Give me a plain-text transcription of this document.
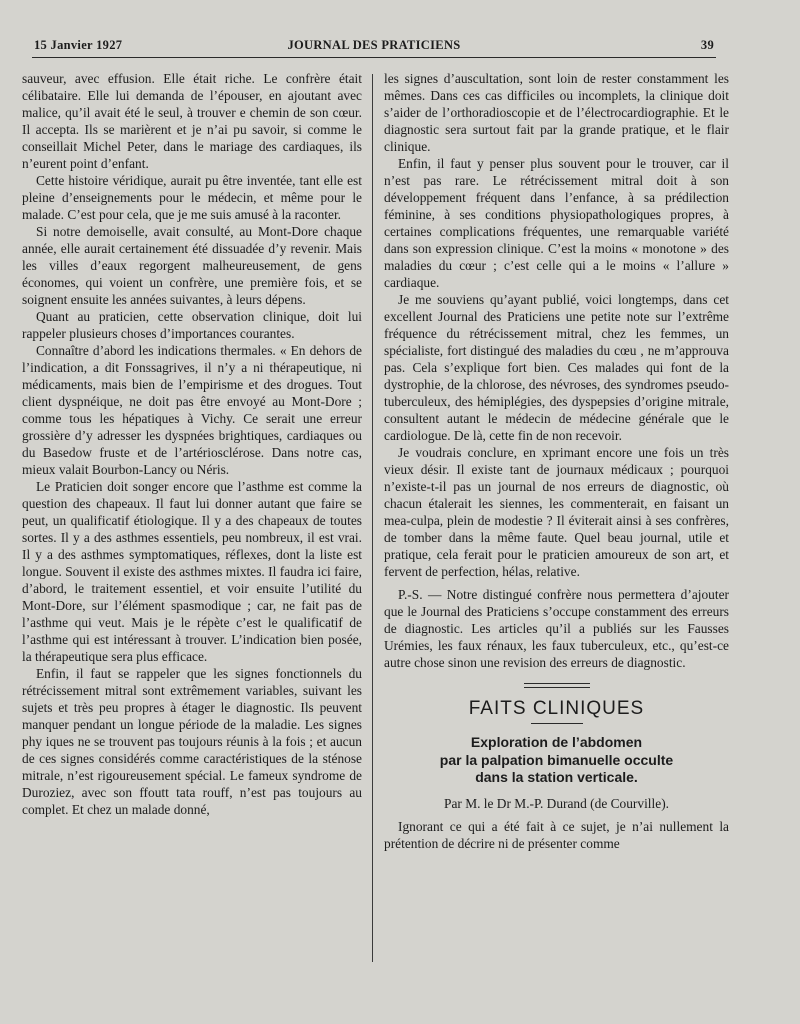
15 Janvier 1927	JOURNAL DES PRATICIENS	39

sauveur, avec effusion. Elle était riche. Le confrère était célibataire. Elle lui demanda de l’épouser, en ajoutant avec malice, qu’il avait été le seul, à trouver e chemin de son cœur. Il accepta. Ils se marièrent et je n’ai pu savoir, si comme le conseillait Michel Peter, dans le mariage des cardiaques, ils n’eurent point d’enfant.

Cette histoire véridique, aurait pu être inventée, tant elle est pleine d’enseignements pour le médecin, et même pour le malade. C’est pour cela, que je me suis amusé à la raconter.

Si notre demoiselle, avait consulté, au Mont-Dore chaque année, elle aurait certainement été dissuadée d’y revenir. Mais les villes d’eaux regorgent malheureusement, de gens économes, qui voient un confrère, une première fois, et se soignent ensuite les années suivantes, à leurs dépens.

Quant au praticien, cette observation clinique, doit lui rappeler plusieurs choses d’importances courantes.

Connaître d’abord les indications thermales. « En dehors de l’indication, a dit Fonssagrives, il n’y a ni thérapeutique, ni médicaments, mais bien de l’empirisme et des drogues. Tout client dyspnéique, ne doit pas être envoyé au Mont-Dore ; comme tous les hépatiques à Vichy. Ce serait une erreur grossière d’y adresser les dyspnées brightiques, cardiaques ou du Basedow fruste et de l’artériosclérose. Dans notre cas, mieux valait Bourbon-Lancy ou Néris.

Le Praticien doit songer encore que l’asthme est comme la question des chapeaux. Il faut lui donner autant que faire se peut, un qualificatif étiologique. Il y a des chapeaux de toutes sortes. Il y a des asthmes essentiels, peu nombreux, il est vrai. Il y a des asthmes symptomatiques, réflexes, dont la liste est longue. Souvent il existe des asthmes mixtes. Il faudra ici faire, d’abord, le traitement essentiel, et voir ensuite l’utilité du Mont-Dore, sur l’élément spasmodique ; car, ne fait pas de l’asthme qui veut. Mais je le répète c’est le qualificatif de l’asthme qui est intéressant à trouver. L’indication bien posée, la thérapeutique sera plus efficace.

Enfin, il faut se rappeler que les signes fonctionnels du rétrécissement mitral sont extrêmement variables, suivant les sujets et très peu propres à étager le diagnostic. Ils peuvent manquer pendant un longue période de la maladie. Les signes phy iques ne se trouvent pas toujours réunis à la fois ; et aucun de ces signes considérés comme caractéristiques de la sténose mitrale, n’est rigoureusement spécial. Le fameux syndrome de Duroziez, avec son ffoutt tata rouff, n’est pas toujours au complet. Et chez un malade donné,

les signes d’auscultation, sont loin de rester constamment les mêmes. Dans ces cas difficiles ou incomplets, la clinique doit s’aider de l’orthoradioscopie et de l’électrocardiographie. Et le diagnostic sera surtout fait par la grande pratique, et le flair clinique.

Enfin, il faut y penser plus souvent pour le trouver, car il n’est pas rare. Le rétrécissement mitral doit à son développement fréquent dans l’enfance, à sa prédilection féminine, à ses conditions physiopathologiques propres, à certaines complications fréquentes, une remarquable variété dans son expression clinique. C’est la moins « monotone » des maladies du cœur ; c’est celle qui a le moins « l’allure » cardiaque.

Je me souviens qu’ayant publié, voici longtemps, dans cet excellent Journal des Praticiens une petite note sur l’extrême fréquence du rétrécissement mitral, chez les femmes, un spécialiste, fort distingué des maladies du cœu , ne m’approuva pas. Cela s’explique fort bien. Ces malades qui font de la dystrophie, de la chlorose, des névroses, des syndromes pseudo-tuberculeux, des hémiplégies, des dyspepsies d’origine mitrale, consultent autant le médecin de médecine générale que le cardiologue. De là, cette fin de non recevoir.

Je voudrais conclure, en xprimant encore une fois un très vieux désir. Il existe tant de journaux médicaux ; pourquoi n’existe-t-il pas un journal de nos erreurs de diagnostic, où chacun étalerait les siennes, les commenterait, en faisant un mea-culpa, plein de modestie ? Il éviterait ainsi à ses confrères, de tomber dans la même faute. Quel beau journal, utile et pratique, cela ferait pour le praticien amoureux de son art, et fervent de perfection, hélas, relative.

P.-S. — Notre distingué confrère nous permettera d’ajouter que le Journal des Praticiens s’occupe constamment des erreurs de diagnostic. Les articles qu’il a publiés sur les Fausses Urémies, les faux rénaux, les faux tuberculeux, etc., qu’est-ce autre chose sinon une revision des erreurs de diagnostic.

FAITS CLINIQUES
Exploration de l’abdomen
par la palpation bimanuelle occulte
dans la station verticale.
Par M. le Dr M.-P. Durand (de Courville).

Ignorant ce qui a été fait à ce sujet, je n’ai nullement la prétention de décrire ni de présenter comme
